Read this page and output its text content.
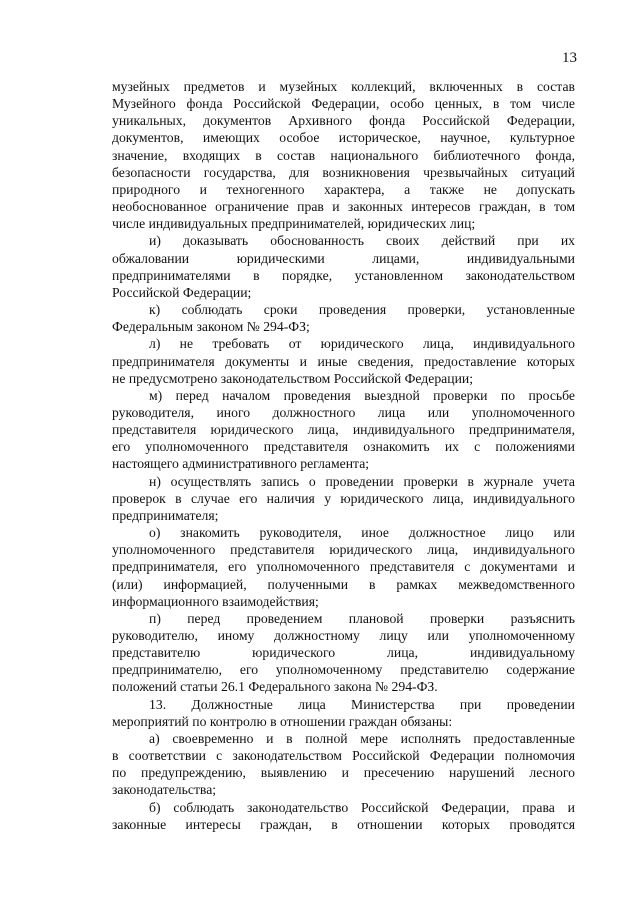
13
музейных предметов и музейных коллекций, включенных в состав
Музейного фонда Российской Федерации, особо ценных, в том числе
уникальных, документов Архивного фонда Российской Федерации,
документов, имеющих особое историческое, научное, культурное
значение, входящих в состав национального библиотечного фонда,
безопасности государства, для возникновения чрезвычайных ситуаций
природного и техногенного характера, а также не допускать
необоснованное ограничение прав и законных интересов граждан, в том
числе индивидуальных предпринимателей, юридических лиц;
и) доказывать обоснованность своих действий при их
обжаловании юридическими лицами, индивидуальными
предпринимателями в порядке, установленном законодательством
Российской Федерации;
к) соблюдать сроки проведения проверки, установленные
Федеральным законом № 294-ФЗ;
л) не требовать от юридического лица, индивидуального
предпринимателя документы и иные сведения, предоставление которых
не предусмотрено законодательством Российской Федерации;
м) перед началом проведения выездной проверки по просьбе
руководителя, иного должностного лица или уполномоченного
представителя юридического лица, индивидуального предпринимателя,
его уполномоченного представителя ознакомить их с положениями
настоящего административного регламента;
н) осуществлять запись о проведении проверки в журнале учета
проверок в случае его наличия у юридического лица, индивидуального
предпринимателя;
о) знакомить руководителя, иное должностное лицо или
уполномоченного представителя юридического лица, индивидуального
предпринимателя, его уполномоченного представителя с документами и
(или) информацией, полученными в рамках межведомственного
информационного взаимодействия;
п) перед проведением плановой проверки разъяснить
руководителю, иному должностному лицу или уполномоченному
представителю юридического лица, индивидуальному
предпринимателю, его уполномоченному представителю содержание
положений статьи 26.1 Федерального закона № 294-ФЗ.
13. Должностные лица Министерства при проведении
мероприятий по контролю в отношении граждан обязаны:
а) своевременно и в полной мере исполнять предоставленные
в соответствии с законодательством Российской Федерации полномочия
по предупреждению, выявлению и пресечению нарушений лесного
законодательства;
б) соблюдать законодательство Российской Федерации, права и
законные интересы граждан, в отношении которых проводятся
